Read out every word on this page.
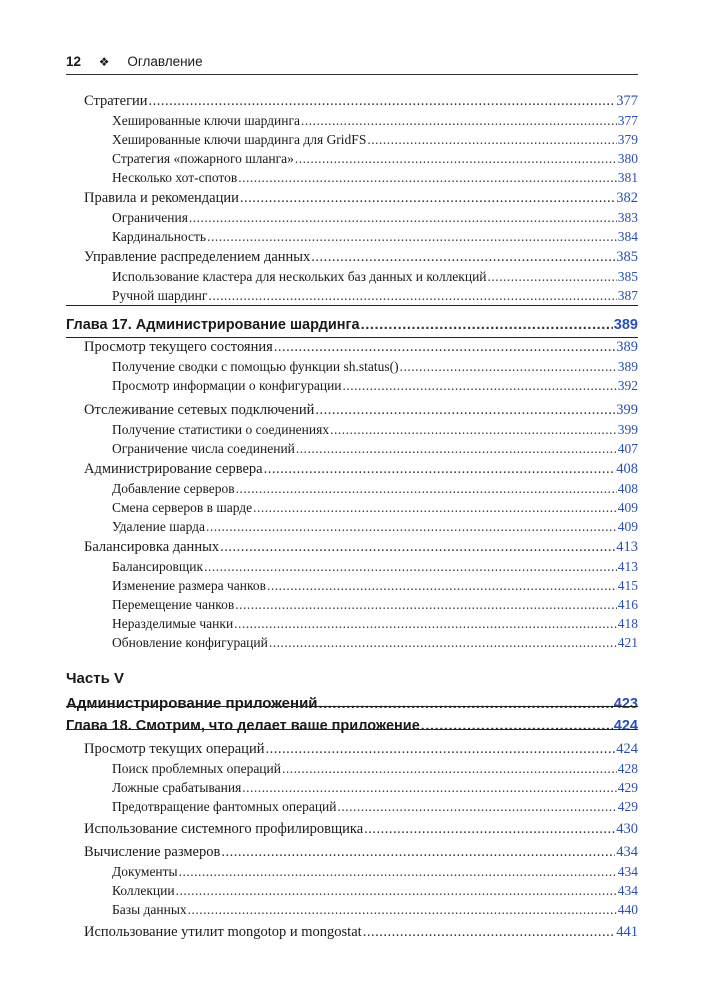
12 ❖ Оглавление
Стратегии .....	377
Хешированные ключи шардинга .....	377
Хешированные ключи шардинга для GridFS .....	379
Стратегия «пожарного шланга» .....	380
Несколько хот-спотов .....	381
Правила и рекомендации .....	382
Ограничения .....	383
Кардинальность .....	384
Управление распределением данных .....	385
Использование кластера для нескольких баз данных и коллекций .....	385
Ручной шардинг .....	387
Глава 17. Администрирование шардинга .....	389
Просмотр текущего состояния .....	389
Получение сводки с помощью функции sh.status() .....	389
Просмотр информации о конфигурации .....	392
Отслеживание сетевых подключений .....	399
Получение статистики о соединениях .....	399
Ограничение числа соединений .....	407
Администрирование сервера .....	408
Добавление серверов .....	408
Смена серверов в шарде .....	409
Удаление шарда .....	409
Балансировка данных .....	413
Балансировщик .....	413
Изменение размера чанков .....	415
Перемещение чанков .....	416
Неразделимые чанки .....	418
Обновление конфигураций .....	421
Часть V
Администрирование приложений .....	423
Глава 18. Смотрим, что делает ваше приложение .....	424
Просмотр текущих операций .....	424
Поиск проблемных операций .....	428
Ложные срабатывания .....	429
Предотвращение фантомных операций .....	429
Использование системного профилировщика .....	430
Вычисление размеров .....	434
Документы .....	434
Коллекции .....	434
Базы данных .....	440
Использование утилит mongotop и mongostat .....	441
